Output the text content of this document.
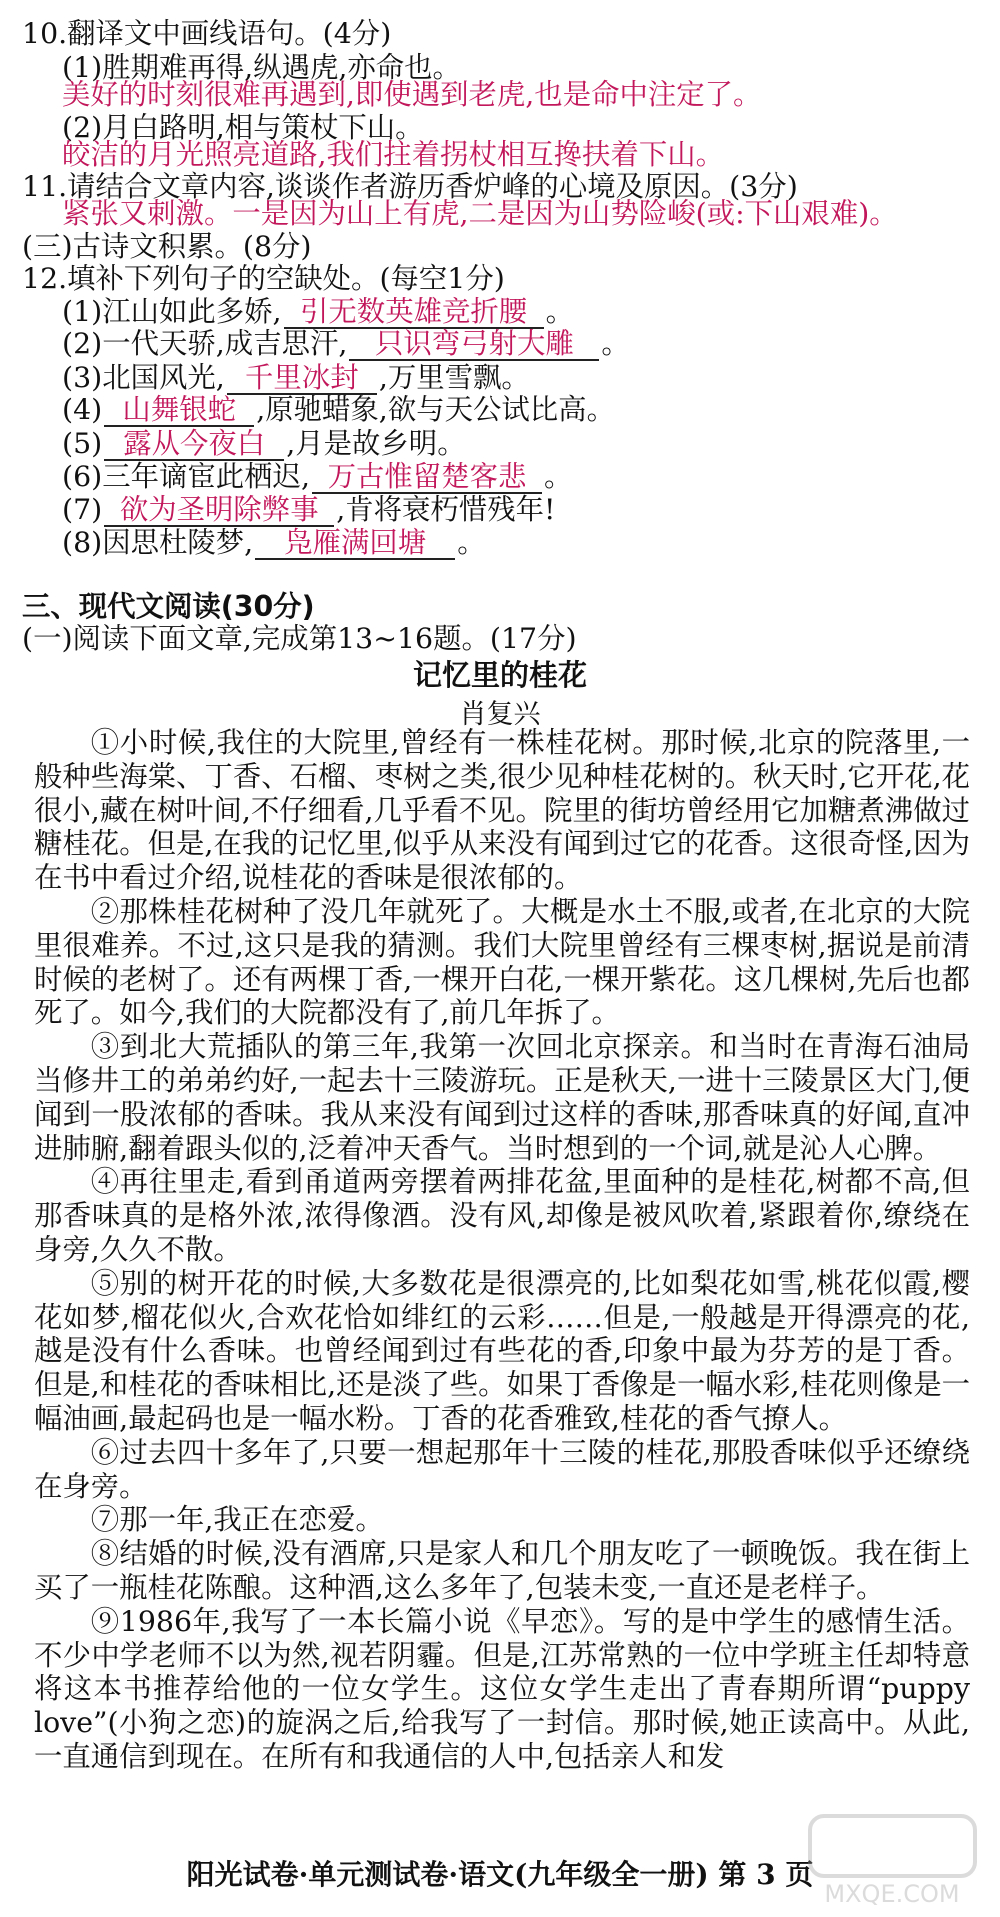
10.翻译文中画线语句。(4分)
(1)胜期难再得,纵遇虎,亦命也。
美好的时刻很难再遇到,即使遇到老虎,也是命中注定了。
(2)月白路明,相与策杖下山。
皎洁的月光照亮道路,我们拄着拐杖相互搀扶着下山。
11.请结合文章内容,谈谈作者游历香炉峰的心境及原因。(3分)
紧张又刺激。一是因为山上有虎,二是因为山势险峻(或:下山艰难)。
(三)古诗文积累。(8分)
12.填补下列句子的空缺处。(每空1分)
(1)江山如此多娇, 引无数英雄竞折腰 。
(2)一代天骄,成吉思汗, 只识弯弓射大雕 。
(3)北国风光, 千里冰封 ,万里雪飘。
(4) 山舞银蛇 ,原驰蜡象,欲与天公试比高。
(5) 露从今夜白 ,月是故乡明。
(6)三年谪宦此栖迟, 万古惟留楚客悲 。
(7) 欲为圣明除弊事 ,肯将衰朽惜残年!
(8)因思杜陵梦, 凫雁满回塘 。
三、现代文阅读(30分)
(一)阅读下面文章,完成第13~16题。(17分)
记忆里的桂花
肖复兴

①小时候,我住的大院里,曾经有一株桂花树。那时候,北京的院落里,一般种些海棠、丁香、石榴、枣树之类,很少见种桂花树的。秋天时,它开花,花很小,藏在树叶间,不仔细看,几乎看不见。院里的街坊曾经用它加糖煮沸做过糖桂花。但是,在我的记忆里,似乎从来没有闻到过它的花香。这很奇怪,因为在书中看过介绍,说桂花的香味是很浓郁的。

②那株桂花树种了没几年就死了。大概是水土不服,或者,在北京的大院里很难养。不过,这只是我的猜测。我们大院里曾经有三棵枣树,据说是前清时候的老树了。还有两棵丁香,一棵开白花,一棵开紫花。这几棵树,先后也都死了。如今,我们的大院都没有了,前几年拆了。

③到北大荒插队的第三年,我第一次回北京探亲。和当时在青海石油局当修井工的弟弟约好,一起去十三陵游玩。正是秋天,一进十三陵景区大门,便闻到一股浓郁的香味。我从来没有闻到过这样的香味,那香味真的好闻,直冲进肺腑,翻着跟头似的,泛着冲天香气。当时想到的一个词,就是沁人心脾。

④再往里走,看到甬道两旁摆着两排花盆,里面种的是桂花,树都不高,但那香味真的是格外浓,浓得像酒。没有风,却像是被风吹着,紧跟着你,缭绕在身旁,久久不散。

⑤别的树开花的时候,大多数花是很漂亮的,比如梨花如雪,桃花似霞,樱花如梦,榴花似火,合欢花恰如绯红的云彩……但是,一般越是开得漂亮的花,越是没有什么香味。也曾经闻到过有些花的香,印象中最为芬芳的是丁香。但是,和桂花的香味相比,还是淡了些。如果丁香像是一幅水彩,桂花则像是一幅油画,最起码也是一幅水粉。丁香的花香雅致,桂花的香气撩人。

⑥过去四十多年了,只要一想起那年十三陵的桂花,那股香味似乎还缭绕在身旁。

⑦那一年,我正在恋爱。

⑧结婚的时候,没有酒席,只是家人和几个朋友吃了一顿晚饭。我在街上买了一瓶桂花陈酿。这种酒,这么多年了,包装未变,一直还是老样子。

⑨1986年,我写了一本长篇小说《早恋》。写的是中学生的感情生活。不少中学老师不以为然,视若阴霾。但是,江苏常熟的一位中学班主任却特意将这本书推荐给他的一位女学生。这位女学生走出了青春期所谓“puppy love”(小狗之恋)的旋涡之后,给我写了一封信。那时候,她正读高中。从此,一直通信到现在。在所有和我通信的人中,包括亲人和发

阳光试卷·单元测试卷·语文(九年级全一册) 第 3 页
MXQE.COM
